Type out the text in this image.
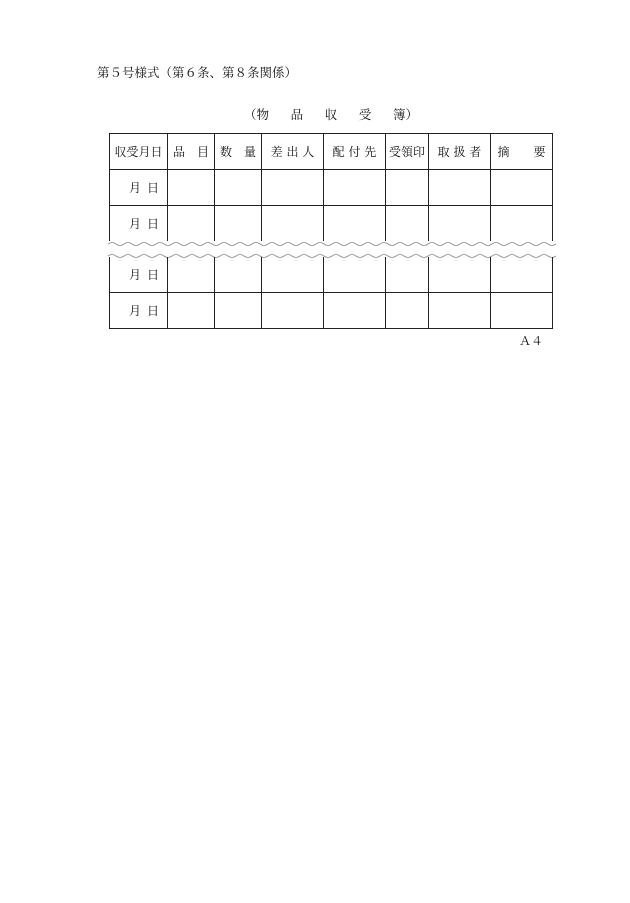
第５号様式（第６条、第８条関係）
（物 品 収 受 簿）
収受月日	品　目	数　量	差 出 人	配 付 先	受領印	取 扱 者	摘　　要

月 日							

月 日							

月 日							

月 日							

Ａ４
